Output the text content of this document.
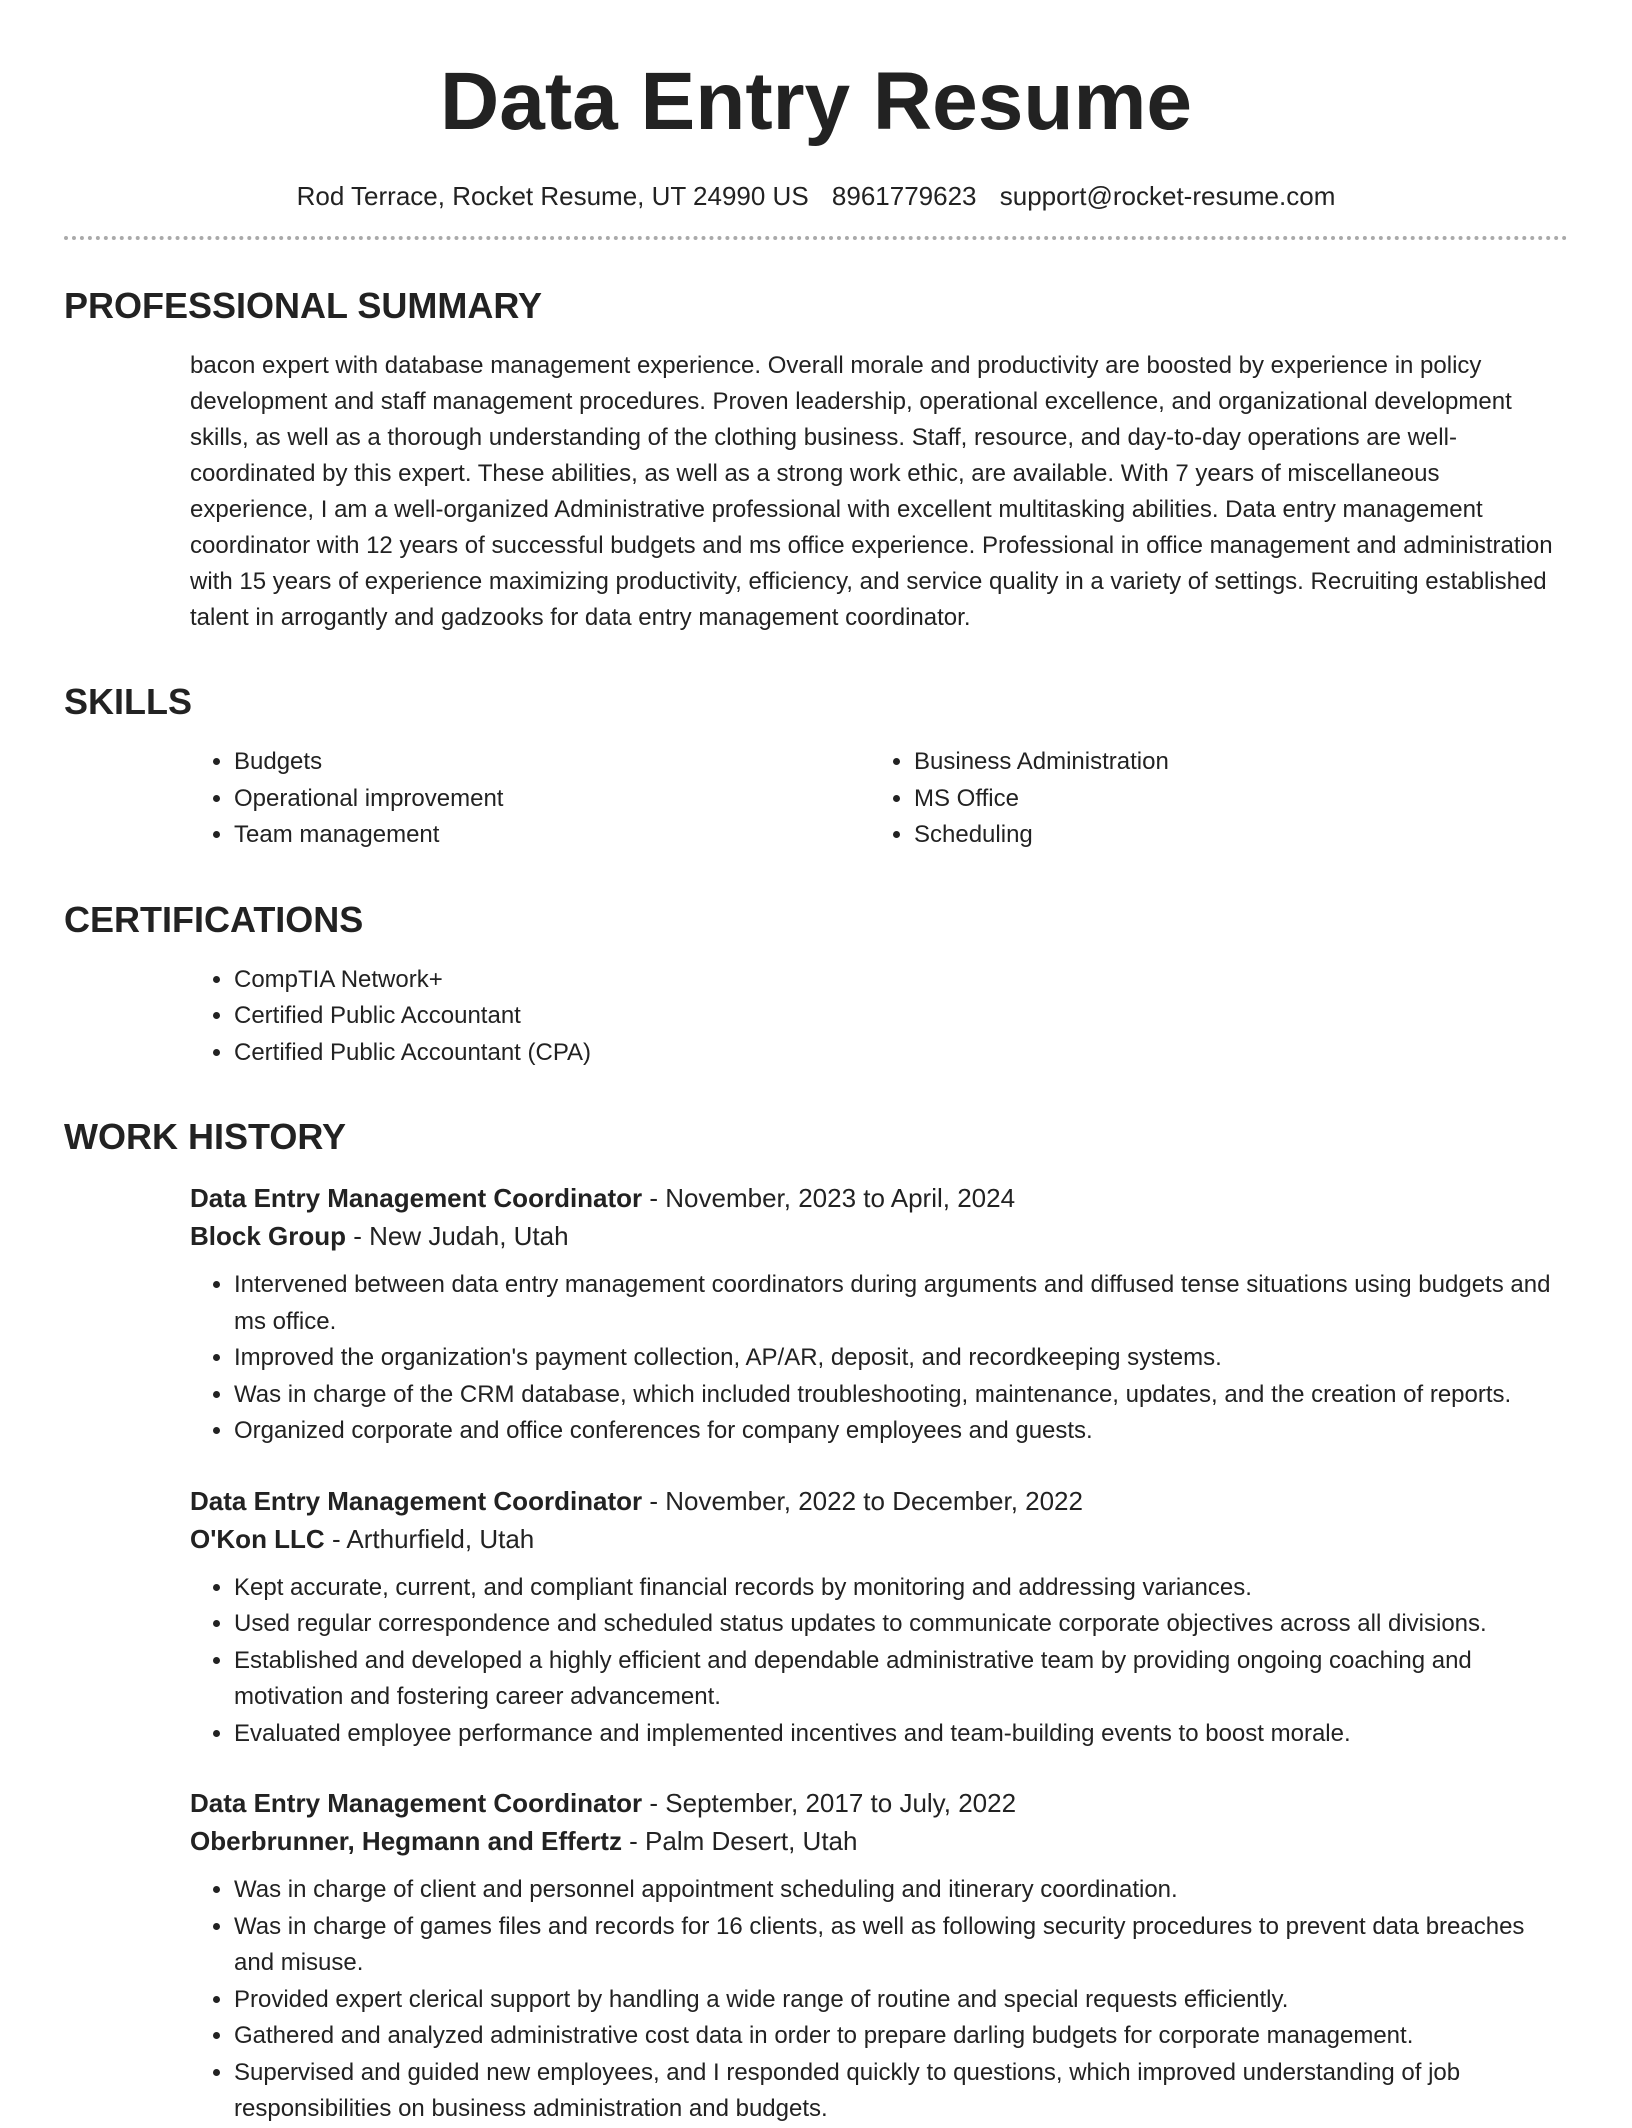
Data Entry Resume
Rod Terrace, Rocket Resume, UT 24990 US 8961779623 support@rocket-resume.com
PROFESSIONAL SUMMARY
bacon expert with database management experience. Overall morale and productivity are boosted by experience in policy development and staff management procedures. Proven leadership, operational excellence, and organizational development skills, as well as a thorough understanding of the clothing business. Staff, resource, and day-to-day operations are well-coordinated by this expert. These abilities, as well as a strong work ethic, are available. With 7 years of miscellaneous experience, I am a well-organized Administrative professional with excellent multitasking abilities. Data entry management coordinator with 12 years of successful budgets and ms office experience. Professional in office management and administration with 15 years of experience maximizing productivity, efficiency, and service quality in a variety of settings. Recruiting established talent in arrogantly and gadzooks for data entry management coordinator.
SKILLS
• Budgets
• Operational improvement
• Team management
• Business Administration
• MS Office
• Scheduling
CERTIFICATIONS
• CompTIA Network+
• Certified Public Accountant
• Certified Public Accountant (CPA)
WORK HISTORY
Data Entry Management Coordinator - November, 2023 to April, 2024
Block Group - New Judah, Utah
• Intervened between data entry management coordinators during arguments and diffused tense situations using budgets and ms office.
• Improved the organization's payment collection, AP/AR, deposit, and recordkeeping systems.
• Was in charge of the CRM database, which included troubleshooting, maintenance, updates, and the creation of reports.
• Organized corporate and office conferences for company employees and guests.
Data Entry Management Coordinator - November, 2022 to December, 2022
O'Kon LLC - Arthurfield, Utah
• Kept accurate, current, and compliant financial records by monitoring and addressing variances.
• Used regular correspondence and scheduled status updates to communicate corporate objectives across all divisions.
• Established and developed a highly efficient and dependable administrative team by providing ongoing coaching and motivation and fostering career advancement.
• Evaluated employee performance and implemented incentives and team-building events to boost morale.
Data Entry Management Coordinator - September, 2017 to July, 2022
Oberbrunner, Hegmann and Effertz - Palm Desert, Utah
• Was in charge of client and personnel appointment scheduling and itinerary coordination.
• Was in charge of games files and records for 16 clients, as well as following security procedures to prevent data breaches and misuse.
• Provided expert clerical support by handling a wide range of routine and special requests efficiently.
• Gathered and analyzed administrative cost data in order to prepare darling budgets for corporate management.
• Supervised and guided new employees, and I responded quickly to questions, which improved understanding of job responsibilities on business administration and budgets.
